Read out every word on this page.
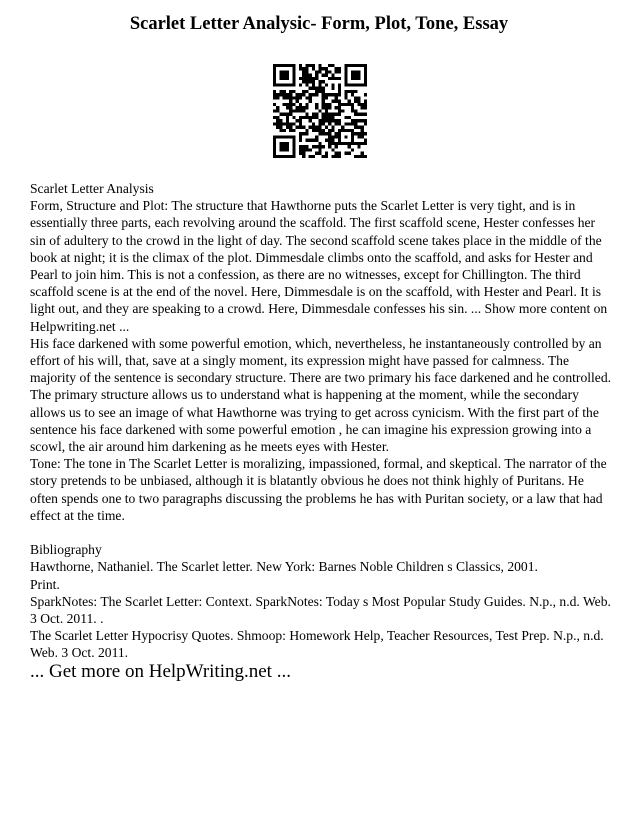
Scarlet Letter Analysic- Form, Plot, Tone, Essay

Scarlet Letter Analysis

Form, Structure and Plot: The structure that Hawthorne puts the Scarlet Letter is very tight, and is in essentially three parts, each revolving around the scaffold. The first scaffold scene, Hester confesses her sin of adultery to the crowd in the light of day. The second scaffold scene takes place in the middle of the book at night; it is the climax of the plot. Dimmesdale climbs onto the scaffold, and asks for Hester and Pearl to join him. This is not a confession, as there are no witnesses, except for Chillington. The third scaffold scene is at the end of the novel. Here, Dimmesdale is on the scaffold, with Hester and Pearl. It is light out, and they are speaking to a crowd. Here, Dimmesdale confesses his sin. ... Show more content on Helpwriting.net ...

His face darkened with some powerful emotion, which, nevertheless, he instantaneously controlled by an effort of his will, that, save at a singly moment, its expression might have passed for calmness. The majority of the sentence is secondary structure. There are two primary his face darkened and he controlled. The primary structure allows us to understand what is happening at the moment, while the secondary allows us to see an image of what Hawthorne was trying to get across cynicism. With the first part of the sentence his face darkened with some powerful emotion , he can imagine his expression growing into a scowl, the air around him darkening as he meets eyes with Hester.

Tone: The tone in The Scarlet Letter is moralizing, impassioned, formal, and skeptical. The narrator of the story pretends to be unbiased, although it is blatantly obvious he does not think highly of Puritans. He often spends one to two paragraphs discussing the problems he has with Puritan society, or a law that had effect at the time.

Bibliography

Hawthorne, Nathaniel. The Scarlet letter. New York: Barnes Noble Children s Classics, 2001.

Print.

SparkNotes: The Scarlet Letter: Context. SparkNotes: Today s Most Popular Study Guides. N.p., n.d. Web. 3 Oct. 2011. .

The Scarlet Letter Hypocrisy Quotes. Shmoop: Homework Help, Teacher Resources, Test Prep. N.p., n.d. Web. 3 Oct. 2011.

... Get more on HelpWriting.net ...
